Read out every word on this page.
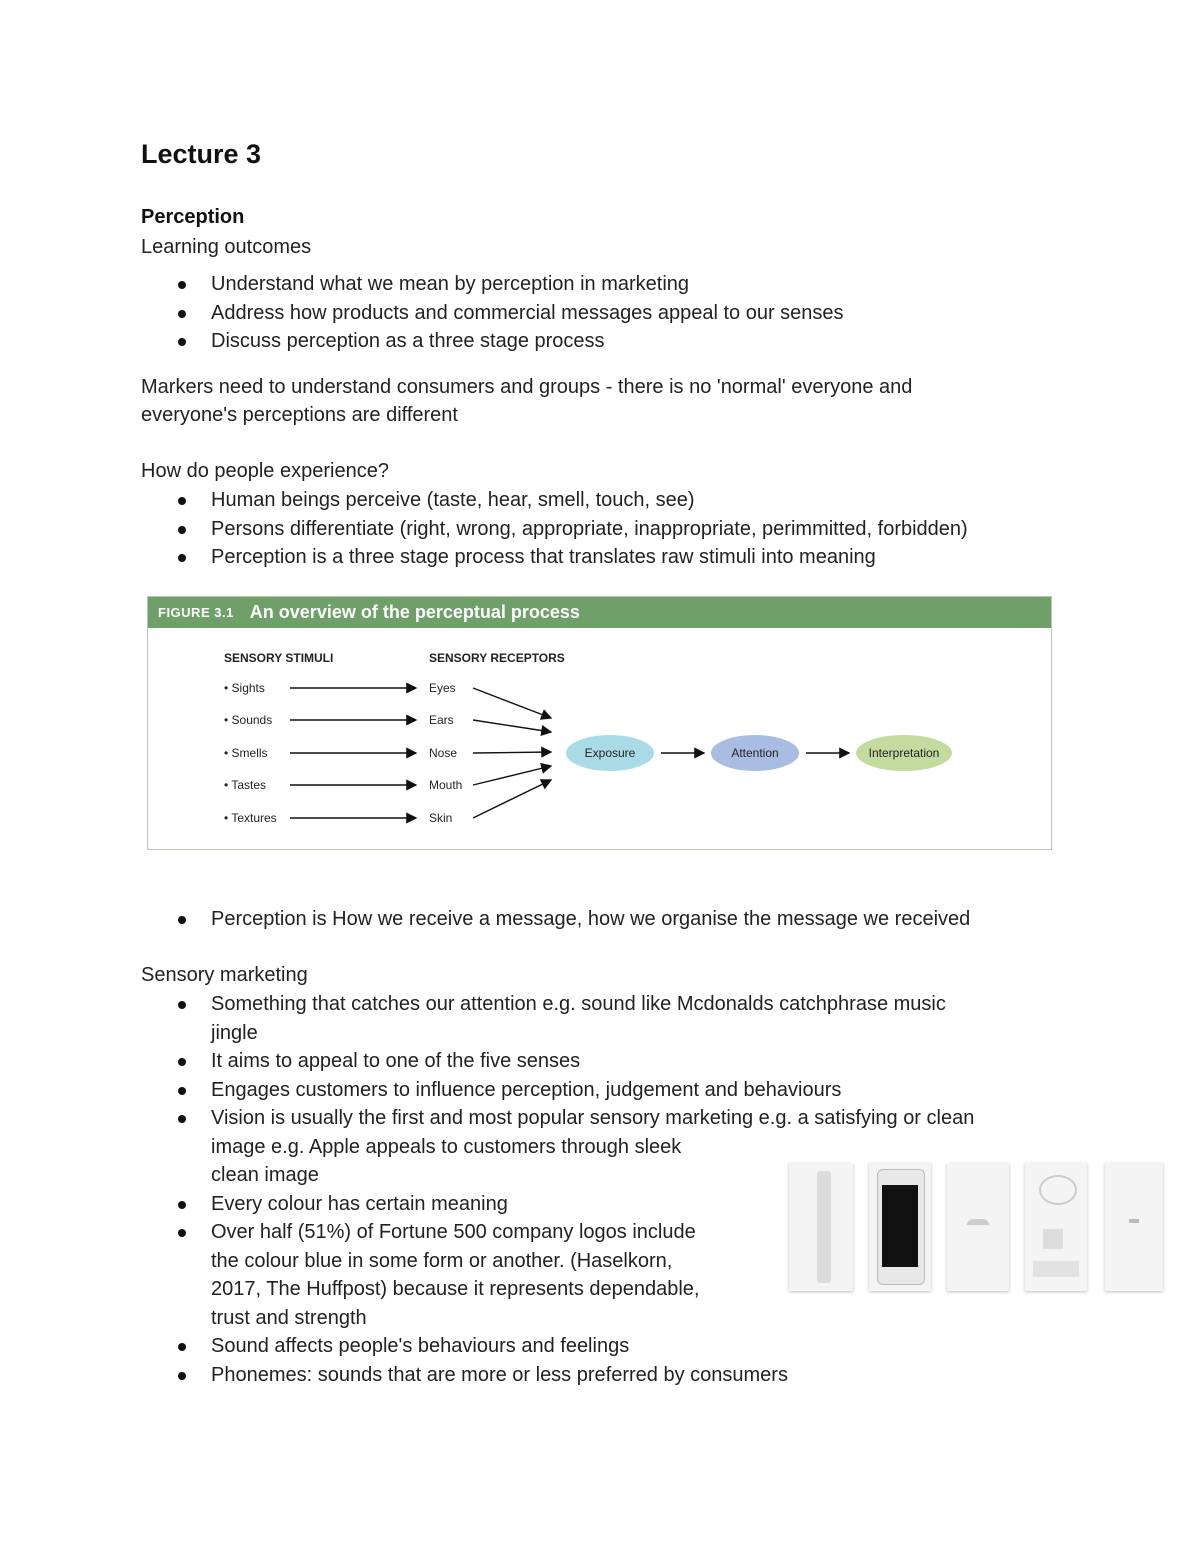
Lecture 3
Perception

Learning outcomes

Understand what we mean by perception in marketing
Address how products and commercial messages appeal to our senses
Discuss perception as a three stage process

Markers need to understand consumers and groups - there is no 'normal' everyone and

everyone's perceptions are different

How do people experience?

Human beings perceive (taste, hear, smell, touch, see)
Persons differentiate (right, wrong, appropriate, inappropriate, perimmitted, forbidden)
Perception is a three stage process that translates raw stimuli into meaning
FIGURE 3.1 An overview of the perceptual process
SENSORY STIMULI	SENSORY RECEPTORS
• Sights	Eyes
• Sounds	Ears
• Smells	Nose
• Tastes	Mouth
• Textures	Skin
Exposure	Attention	Interpretation
Perception is How we receive a message, how we organise the message we received

Sensory marketing

Something that catches our attention e.g. sound like Mcdonalds catchphrase music
jingle
It aims to appeal to one of the five senses
Engages customers to influence perception, judgement and behaviours
Vision is usually the first and most popular sensory marketing e.g. a satisfying or clean
image e.g. Apple appeals to customers through sleek
clean image
Every colour has certain meaning
Over half (51%) of Fortune 500 company logos include
the colour blue in some form or another. (Haselkorn,
2017, The Huffpost) because it represents dependable,
trust and strength
Sound affects people's behaviours and feelings
Phonemes: sounds that are more or less preferred by consumers
